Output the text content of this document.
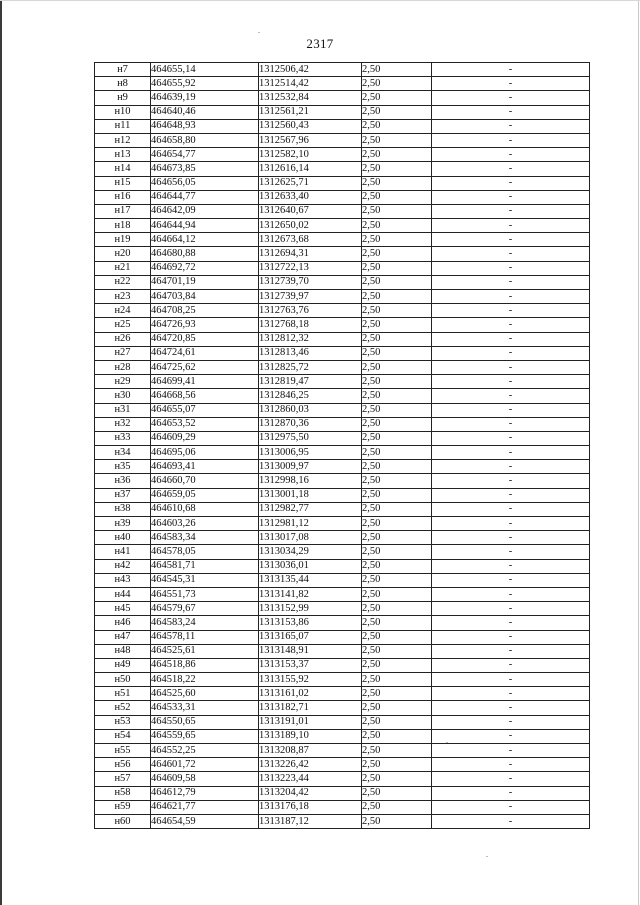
2317
н7	464655,14	1312506,42	2,50	-
н8	464655,92	1312514,42	2,50	-
н9	464639,19	1312532,84	2,50	-
н10	464640,46	1312561,21	2,50	-
н11	464648,93	1312560,43	2,50	-
н12	464658,80	1312567,96	2,50	-
н13	464654,77	1312582,10	2,50	-
н14	464673,85	1312616,14	2,50	-
н15	464656,05	1312625,71	2,50	-
н16	464644,77	1312633,40	2,50	-
н17	464642,09	1312640,67	2,50	-
н18	464644,94	1312650,02	2,50	-
н19	464664,12	1312673,68	2,50	-
н20	464680,88	1312694,31	2,50	-
н21	464692,72	1312722,13	2,50	-
н22	464701,19	1312739,70	2,50	-
н23	464703,84	1312739,97	2,50	-
н24	464708,25	1312763,76	2,50	-
н25	464726,93	1312768,18	2,50	-
н26	464720,85	1312812,32	2,50	-
н27	464724,61	1312813,46	2,50	-
н28	464725,62	1312825,72	2,50	-
н29	464699,41	1312819,47	2,50	-
н30	464668,56	1312846,25	2,50	-
н31	464655,07	1312860,03	2,50	-
н32	464653,52	1312870,36	2,50	-
н33	464609,29	1312975,50	2,50	-
н34	464695,06	1313006,95	2,50	-
н35	464693,41	1313009,97	2,50	-
н36	464660,70	1312998,16	2,50	-
н37	464659,05	1313001,18	2,50	-
н38	464610,68	1312982,77	2,50	-
н39	464603,26	1312981,12	2,50	-
н40	464583,34	1313017,08	2,50	-
н41	464578,05	1313034,29	2,50	-
н42	464581,71	1313036,01	2,50	-
н43	464545,31	1313135,44	2,50	-
н44	464551,73	1313141,82	2,50	-
н45	464579,67	1313152,99	2,50	-
н46	464583,24	1313153,86	2,50	-
н47	464578,11	1313165,07	2,50	-
н48	464525,61	1313148,91	2,50	-
н49	464518,86	1313153,37	2,50	-
н50	464518,22	1313155,92	2,50	-
н51	464525,60	1313161,02	2,50	-
н52	464533,31	1313182,71	2,50	-
н53	464550,65	1313191,01	2,50	-
н54	464559,65	1313189,10	2,50	-
н55	464552,25	1313208,87	2,50	-
н56	464601,72	1313226,42	2,50	-
н57	464609,58	1313223,44	2,50	-
н58	464612,79	1313204,42	2,50	-
н59	464621,77	1313176,18	2,50	-
н60	464654,59	1313187,12	2,50	-
